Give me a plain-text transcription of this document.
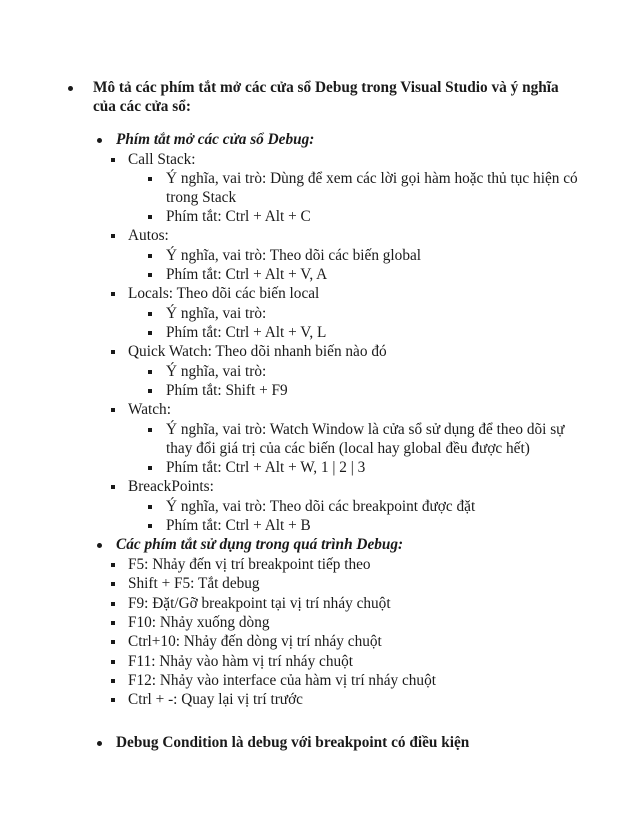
Mô tả các phím tắt mở các cửa sổ Debug trong Visual Studio và ý nghĩa
của các cửa sổ:
Phím tắt mở các cửa sổ Debug:
Call Stack:
Ý nghĩa, vai trò: Dùng để xem các lời gọi hàm hoặc thủ tục hiện có
trong Stack
Phím tắt: Ctrl + Alt + C
Autos:
Ý nghĩa, vai trò: Theo dõi các biến global
Phím tắt: Ctrl + Alt + V, A
Locals: Theo dõi các biến local
Ý nghĩa, vai trò:
Phím tắt: Ctrl + Alt + V, L
Quick Watch: Theo dõi nhanh biến nào đó
Ý nghĩa, vai trò:
Phím tắt: Shift + F9
Watch:
Ý nghĩa, vai trò: Watch Window là cửa sổ sử dụng để theo dõi sự
thay đổi giá trị của các biến (local hay global đều được hết)
Phím tắt: Ctrl + Alt + W, 1 | 2 | 3
BreackPoints:
Ý nghĩa, vai trò: Theo dõi các breakpoint được đặt
Phím tắt: Ctrl + Alt + B
Các phím tắt sử dụng trong quá trình Debug:
F5: Nhảy đến vị trí breakpoint tiếp theo
Shift + F5: Tắt debug
F9: Đặt/Gỡ breakpoint tại vị trí nháy chuột
F10: Nhảy xuống dòng
Ctrl+10: Nhảy đến dòng vị trí nháy chuột
F11: Nhảy vào hàm vị trí nháy chuột
F12: Nhảy vào interface của hàm vị trí nháy chuột
Ctrl + -: Quay lại vị trí trước
Debug Condition là debug với breakpoint có điều kiện
